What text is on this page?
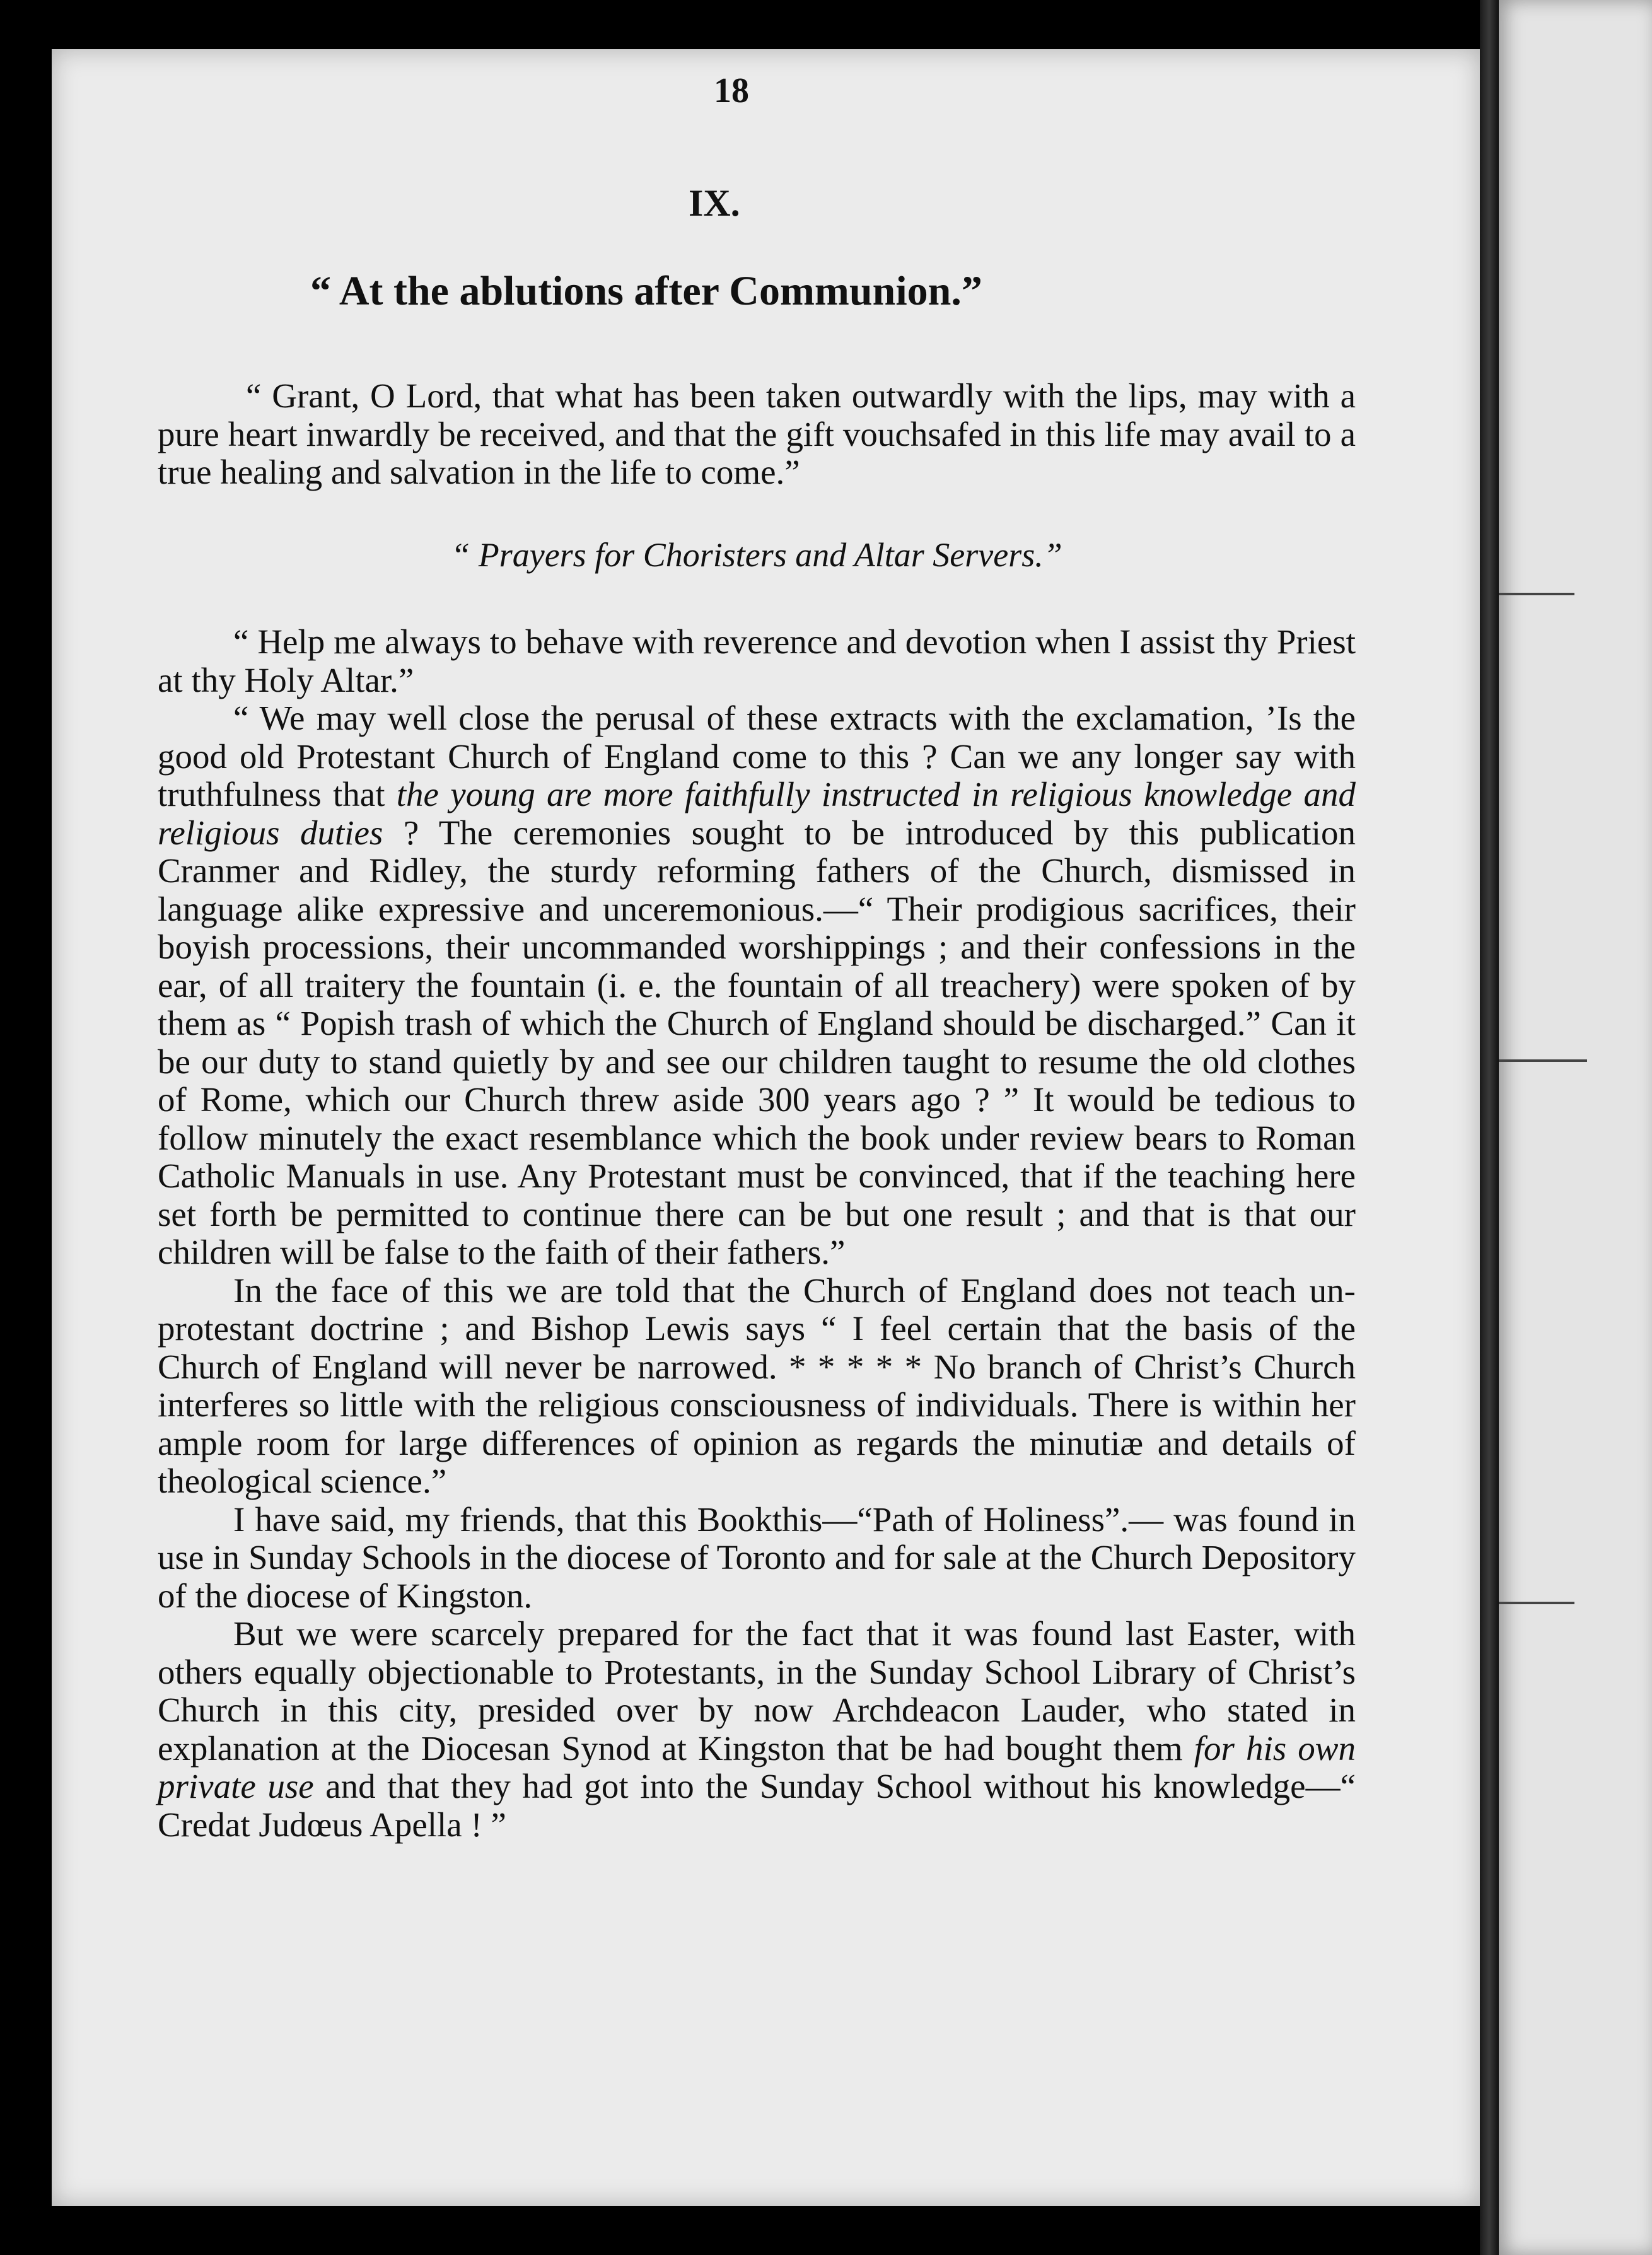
18
IX.
“ At the ablutions after Communion.”

“ Grant, O Lord, that what has been taken outwardly with the lips, may with a pure heart inwardly be received, and that the gift vouchsafed in this life may avail to a true healing and salvation in the life to come.”

“ Prayers for Choristers and Altar Servers.”

“ Help me always to behave with reverence and devotion when I assist thy Priest at thy Holy Altar.”

“ We may well close the perusal of these extracts with the exclamation, ’Is the good old Protestant Church of England come to this ? Can we any longer say with truthfulness that the young are more faithfully instructed in religious knowledge and religious duties ? The ceremonies sought to be introduced by this publication Cranmer and Ridley, the sturdy reforming fathers of the Church, dismissed in language alike expressive and unceremonious.—“ Their prodigious sacrifices, their boyish processions, their uncommanded worshippings ; and their confessions in the ear, of all traitery the fountain (i. e. the fountain of all treachery) were spoken of by them as “ Popish trash of which the Church of England should be discharged.” Can it be our duty to stand quietly by and see our children taught to resume the old clothes of Rome, which our Church threw aside 300 years ago ? ” It would be tedious to follow minutely the exact resemblance which the book under review bears to Roman Catholic Manuals in use. Any Protestant must be convinced, that if the teaching here set forth be permitted to continue there can be but one result ; and that is that our children will be false to the faith of their fathers.”

In the face of this we are told that the Church of England does not teach un-protestant doctrine ; and Bishop Lewis says “ I feel certain that the basis of the Church of England will never be narrowed. * * * * * No branch of Christ’s Church interferes so little with the religious consciousness of individuals. There is within her ample room for large differences of opinion as regards the minutiæ and details of theological science.”

I have said, my friends, that this Bookthis—“Path of Holiness”.— was found in use in Sunday Schools in the diocese of Toronto and for sale at the Church Depository of the diocese of Kingston.

But we were scarcely prepared for the fact that it was found last Easter, with others equally objectionable to Protestants, in the Sunday School Library of Christ’s Church in this city, presided over by now Archdeacon Lauder, who stated in explanation at the Diocesan Synod at Kingston that be had bought them for his own private use and that they had got into the Sunday School without his knowledge—“ Credat Judœus Apella ! ”
